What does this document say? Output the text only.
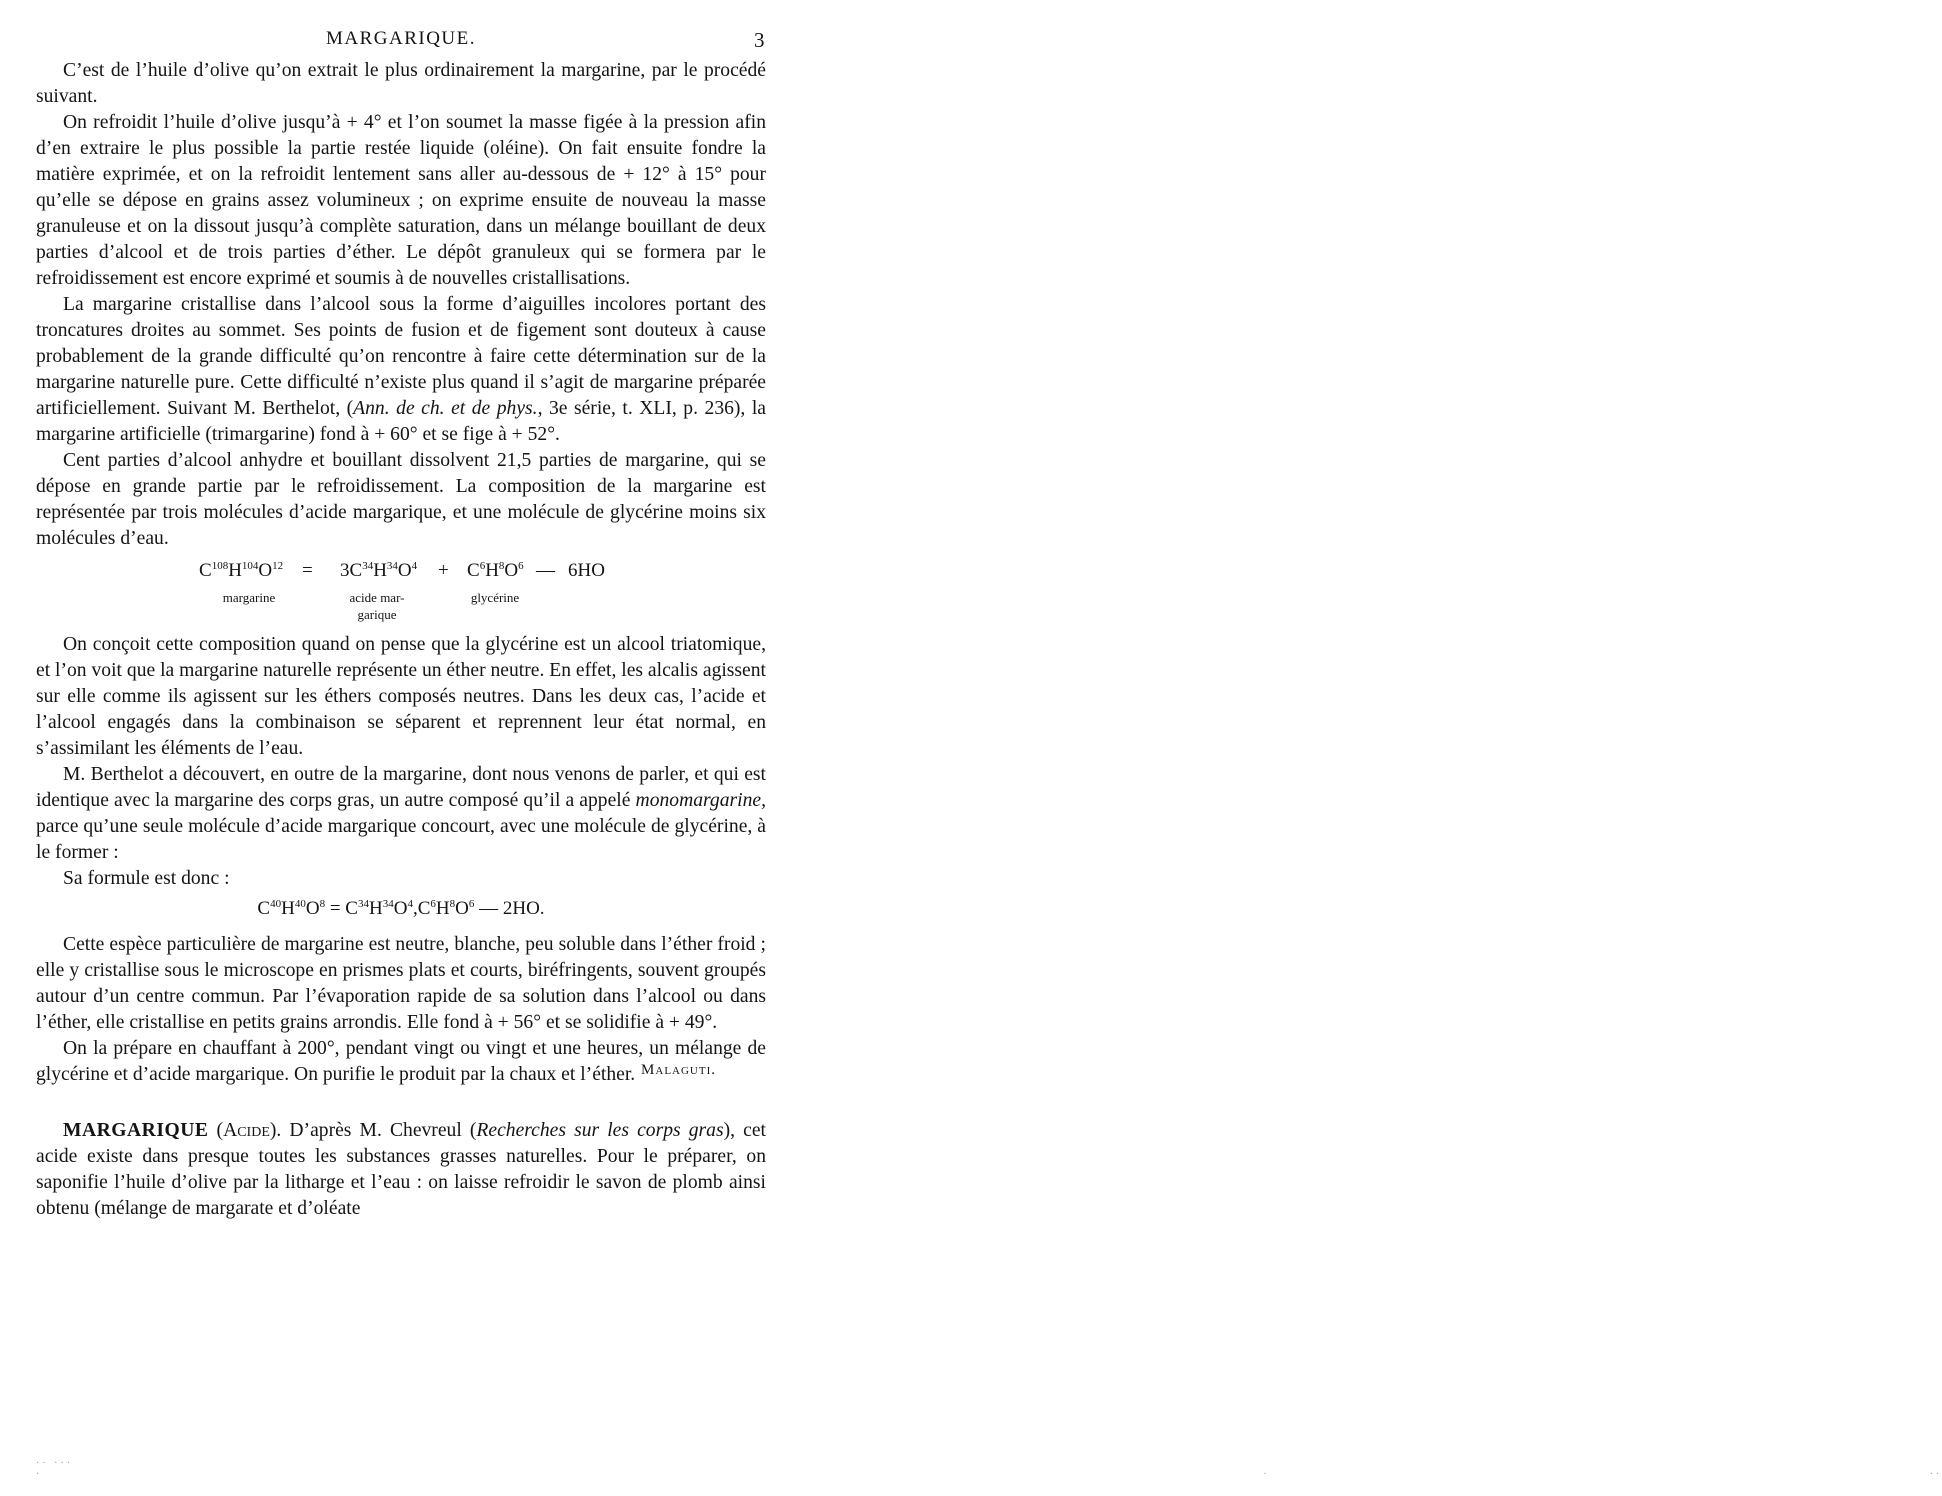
MARGARIQUE.	3

C’est de l’huile d’olive qu’on extrait le plus ordinairement la margarine, par le procédé suivant.

On refroidit l’huile d’olive jusqu’à + 4° et l’on soumet la masse figée à la pression afin d’en extraire le plus possible la partie restée liquide (oléine). On fait ensuite fondre la matière exprimée, et on la refroidit lentement sans aller au-dessous de + 12° à 15° pour qu’elle se dépose en grains assez volumineux ; on exprime ensuite de nouveau la masse granuleuse et on la dissout jusqu’à complète saturation, dans un mélange bouillant de deux parties d’alcool et de trois parties d’éther. Le dépôt granuleux qui se formera par le refroidissement est encore exprimé et soumis à de nouvelles cristallisations.

La margarine cristallise dans l’alcool sous la forme d’aiguilles incolores portant des troncatures droites au sommet. Ses points de fusion et de figement sont douteux à cause probablement de la grande difficulté qu’on rencontre à faire cette détermination sur de la margarine naturelle pure. Cette difficulté n’existe plus quand il s’agit de margarine préparée artificiellement. Suivant M. Berthelot, (Ann. de ch. et de phys., 3e série, t. XLI, p. 236), la margarine artificielle (trimargarine) fond à + 60° et se fige à + 52°.

Cent parties d’alcool anhydre et bouillant dissolvent 21,5 parties de margarine, qui se dépose en grande partie par le refroidissement. La composition de la margarine est représentée par trois molécules d’acide margarique, et une molécule de glycérine moins six molécules d’eau.

$C^{108}H^{104}O^{12} = 3C^{34}H^{34}O^4 + C^6H^8O^6$ — 6HO
margarine	acide mar-
garique
glycérine

On conçoit cette composition quand on pense que la glycérine est un alcool triatomique, et l’on voit que la margarine naturelle représente un éther neutre. En effet, les alcalis agissent sur elle comme ils agissent sur les éthers composés neutres. Dans les deux cas, l’acide et l’alcool engagés dans la combinaison se séparent et reprennent leur état normal, en s’assimilant les éléments de l’eau.

M. Berthelot a découvert, en outre de la margarine, dont nous venons de parler, et qui est identique avec la margarine des corps gras, un autre composé qu’il a appelé monomargarine, parce qu’une seule molécule d’acide margarique concourt, avec une molécule de glycérine, à le former :

Sa formule est donc :

$C^{40}H^{40}O^8 = C^{34}H^{34}O^4,C^6H^8O^6$ — 2HO.

Cette espèce particulière de margarine est neutre, blanche, peu soluble dans l’éther froid ; elle y cristallise sous le microscope en prismes plats et courts, biréfringents, souvent groupés autour d’un centre commun. Par l’évaporation rapide de sa solution dans l’alcool ou dans l’éther, elle cristallise en petits grains arrondis. Elle fond à + 56° et se solidifie à + 49°.

On la prépare en chauffant à 200°, pendant vingt ou vingt et une heures, un mélange de glycérine et d’acide margarique. On purifie le produit par la chaux et l’éther. Malaguti.

MARGARIQUE (Acide). D’après M. Chevreul (Recherches sur les corps gras), cet acide existe dans presque toutes les substances grasses naturelles. Pour le préparer, on saponifie l’huile d’olive par la litharge et l’eau : on laisse refroidir le savon de plomb ainsi obtenu (mélange de margarate et d’oléate

·· ··· ·                                                                                                                                                                                                                              ·                                                                                                                        ··
